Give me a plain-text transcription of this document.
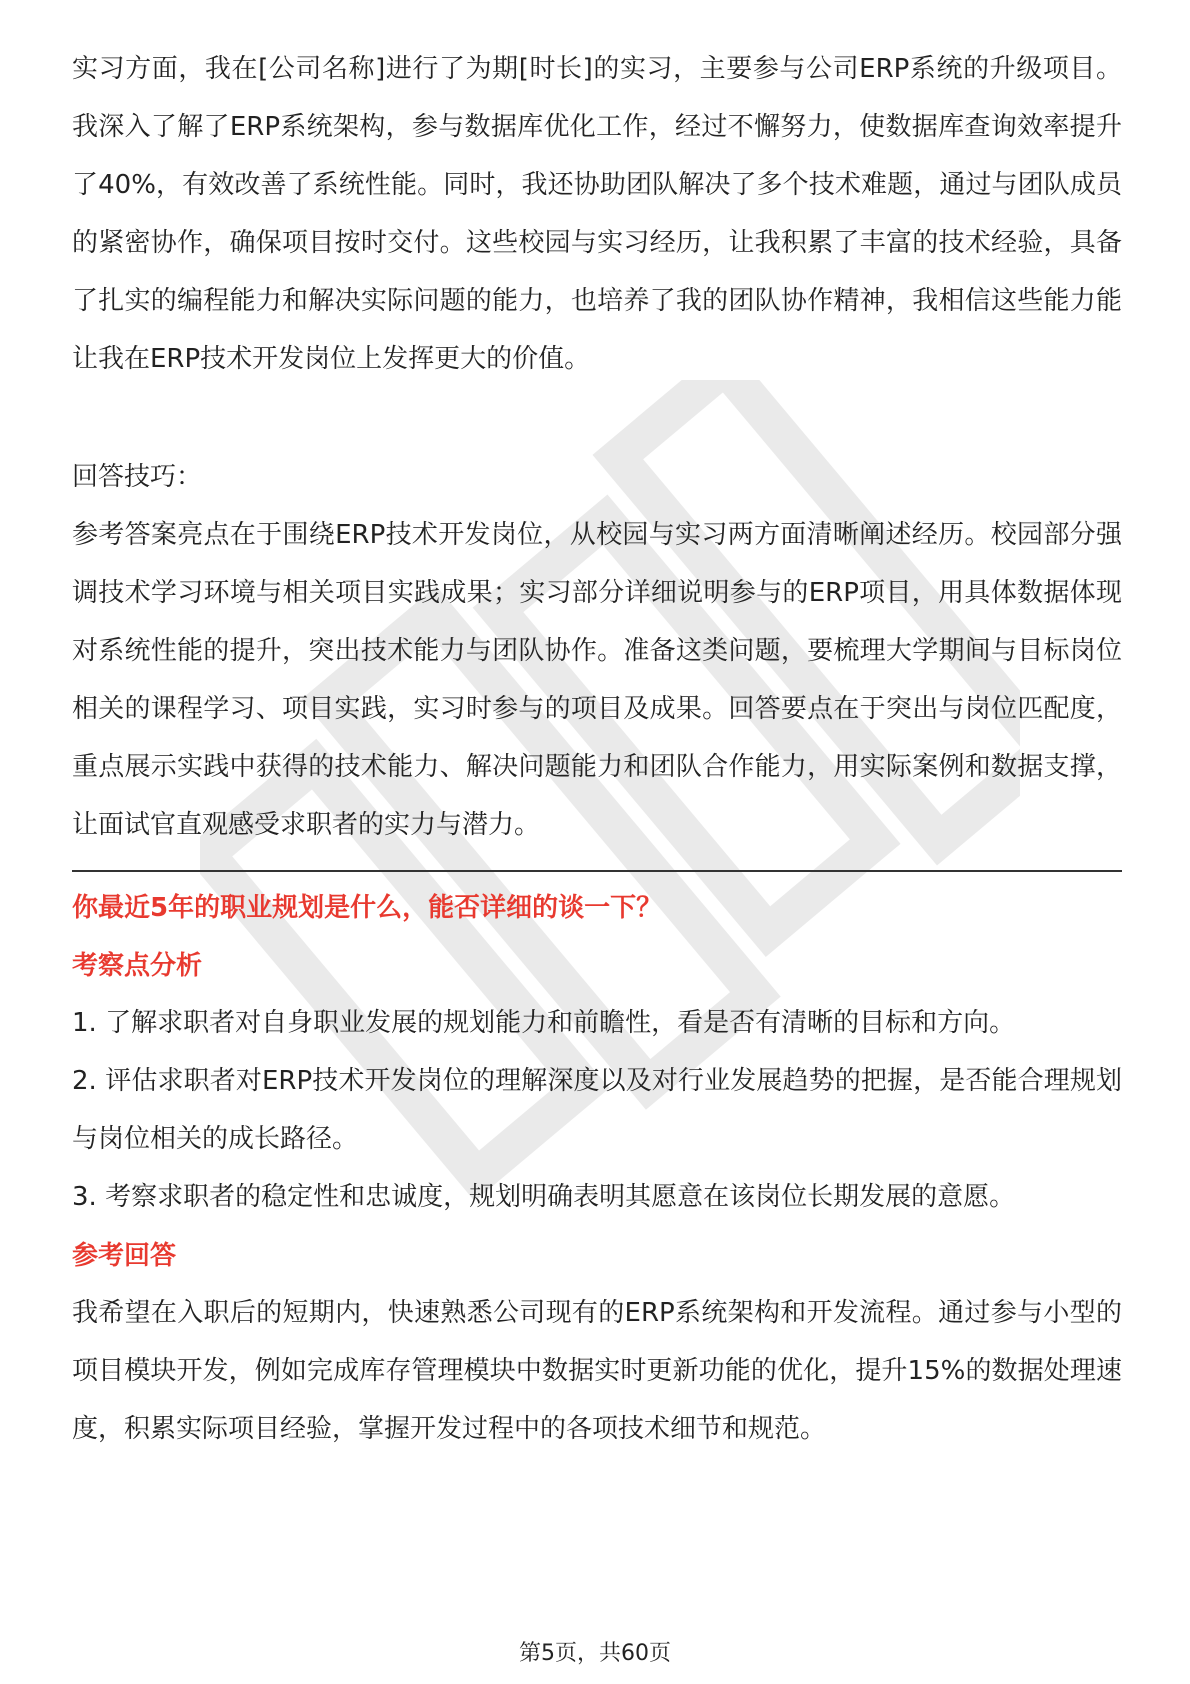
实习方面，我在[公司名称]进行了为期[时长]的实习，主要参与公司ERP系统的升级项目。我深入了解了ERP系统架构，参与数据库优化工作，经过不懈努力，使数据库查询效率提升了40%，有效改善了系统性能。同时，我还协助团队解决了多个技术难题，通过与团队成员的紧密协作，确保项目按时交付。这些校园与实习经历，让我积累了丰富的技术经验，具备了扎实的编程能力和解决实际问题的能力，也培养了我的团队协作精神，我相信这些能力能让我在ERP技术开发岗位上发挥更大的价值。

回答技巧：

参考答案亮点在于围绕ERP技术开发岗位，从校园与实习两方面清晰阐述经历。校园部分强调技术学习环境与相关项目实践成果；实习部分详细说明参与的ERP项目，用具体数据体现对系统性能的提升，突出技术能力与团队协作。准备这类问题，要梳理大学期间与目标岗位相关的课程学习、项目实践，实习时参与的项目及成果。回答要点在于突出与岗位匹配度，重点展示实践中获得的技术能力、解决问题能力和团队合作能力，用实际案例和数据支撑，让面试官直观感受求职者的实力与潜力。

你最近5年的职业规划是什么，能否详细的谈一下？
考察点分析

1. 了解求职者对自身职业发展的规划能力和前瞻性，看是否有清晰的目标和方向。

2. 评估求职者对ERP技术开发岗位的理解深度以及对行业发展趋势的把握，是否能合理规划与岗位相关的成长路径。

3. 考察求职者的稳定性和忠诚度，规划明确表明其愿意在该岗位长期发展的意愿。

参考回答

我希望在入职后的短期内，快速熟悉公司现有的ERP系统架构和开发流程。通过参与小型的项目模块开发，例如完成库存管理模块中数据实时更新功能的优化，提升15%的数据处理速度，积累实际项目经验，掌握开发过程中的各项技术细节和规范。

第5页，共60页
